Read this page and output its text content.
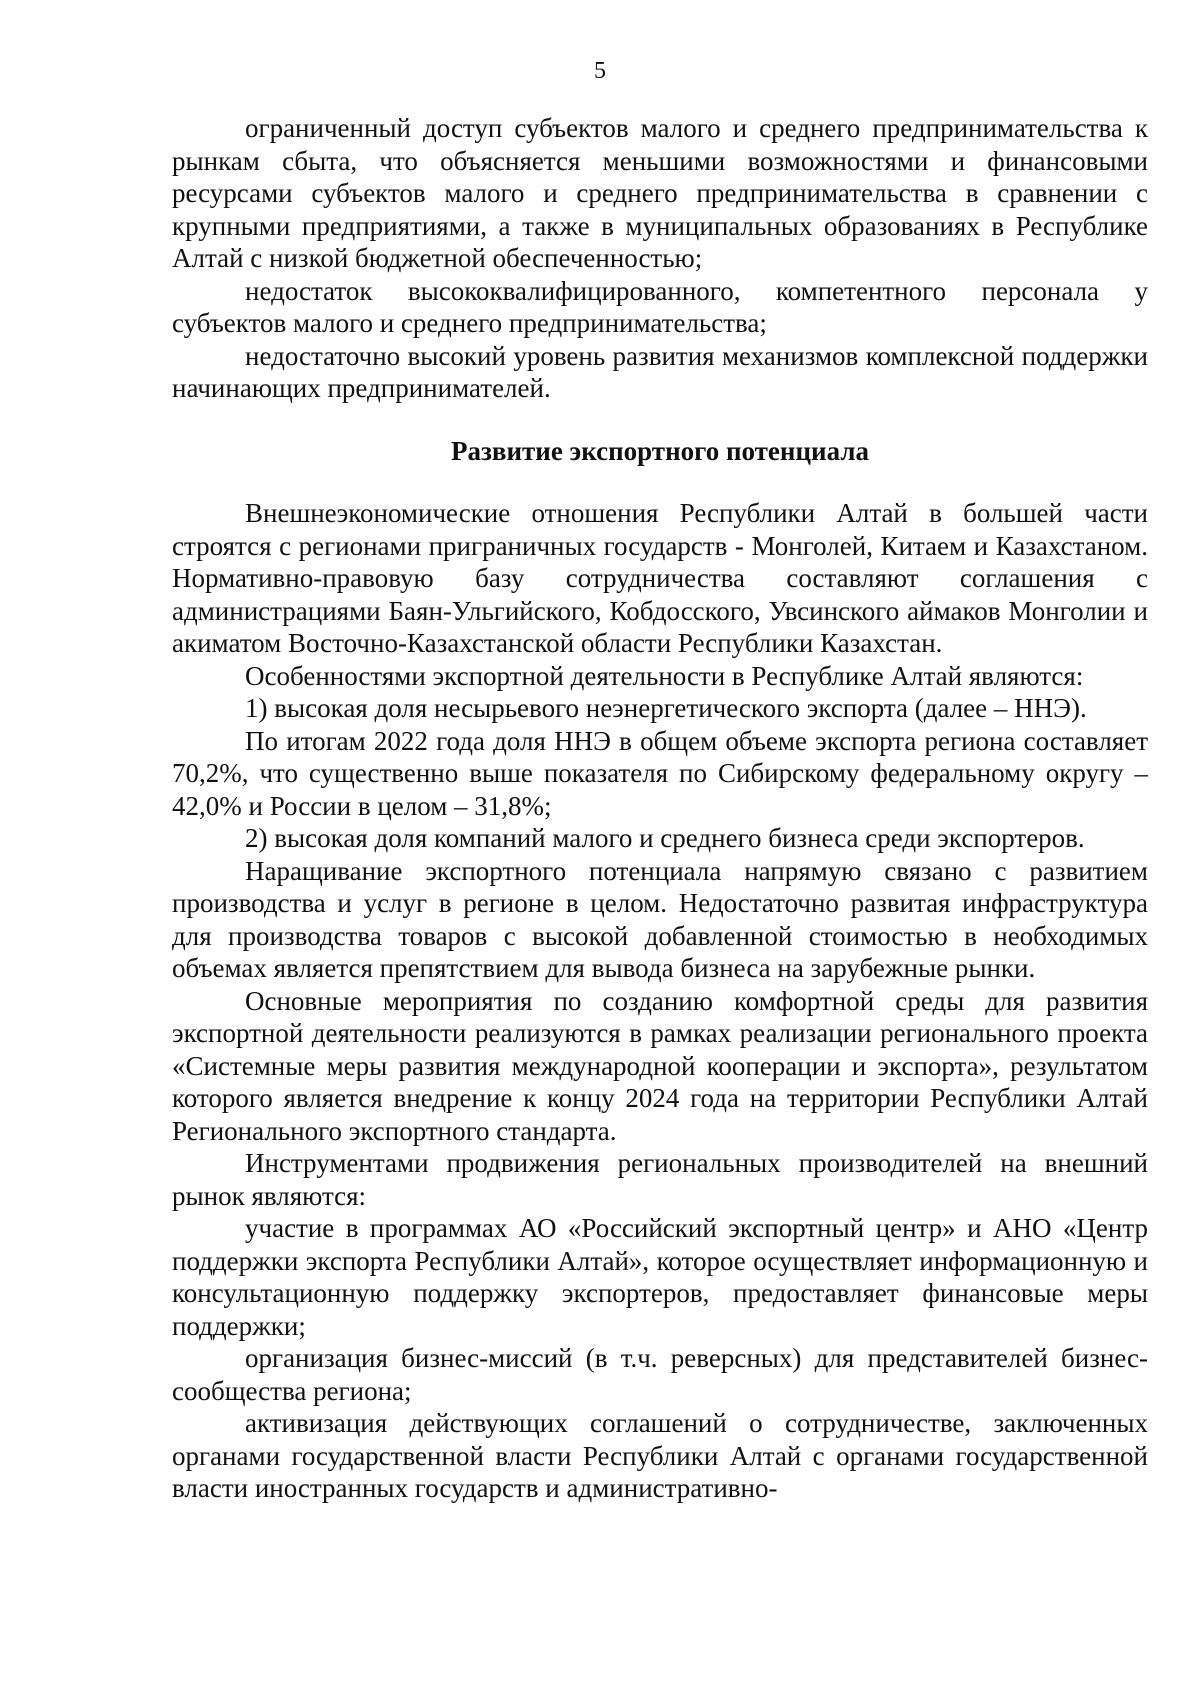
5

ограниченный доступ субъектов малого и среднего предпринимательства к рынкам сбыта, что объясняется меньшими возможностями и финансовыми ресурсами субъектов малого и среднего предпринимательства в сравнении с крупными предприятиями, а также в муниципальных образованиях в Республике Алтай с низкой бюджетной обеспеченностью;

недостаток высококвалифицированного, компетентного персонала у субъектов малого и среднего предпринимательства;

недостаточно высокий уровень развития механизмов комплексной поддержки начинающих предпринимателей.

Развитие экспортного потенциала

Внешнеэкономические отношения Республики Алтай в большей части строятся с регионами приграничных государств - Монголей, Китаем и Казахстаном. Нормативно-правовую базу сотрудничества составляют соглашения с администрациями Баян-Ульгийского, Кобдосского, Увсинского аймаков Монголии и акиматом Восточно-Казахстанской области Республики Казахстан.

Особенностями экспортной деятельности в Республике Алтай являются:

1) высокая доля несырьевого неэнергетического экспорта (далее – ННЭ).

По итогам 2022 года доля ННЭ в общем объеме экспорта региона составляет 70,2%, что существенно выше показателя по Сибирскому федеральному округу – 42,0% и России в целом – 31,8%;

2) высокая доля компаний малого и среднего бизнеса среди экспортеров.

Наращивание экспортного потенциала напрямую связано с развитием производства и услуг в регионе в целом. Недостаточно развитая инфраструктура для производства товаров с высокой добавленной стоимостью в необходимых объемах является препятствием для вывода бизнеса на зарубежные рынки.

Основные мероприятия по созданию комфортной среды для развития экспортной деятельности реализуются в рамках реализации регионального проекта «Системные меры развития международной кооперации и экспорта», результатом которого является внедрение к концу 2024 года на территории Республики Алтай Регионального экспортного стандарта.

Инструментами продвижения региональных производителей на внешний рынок являются:

участие в программах АО «Российский экспортный центр» и АНО «Центр поддержки экспорта Республики Алтай», которое осуществляет информационную и консультационную поддержку экспортеров, предоставляет финансовые меры поддержки;

организация бизнес-миссий (в т.ч. реверсных) для представителей бизнес-сообщества региона;

активизация действующих соглашений о сотрудничестве, заключенных органами государственной власти Республики Алтай с органами государственной власти иностранных государств и административно-
